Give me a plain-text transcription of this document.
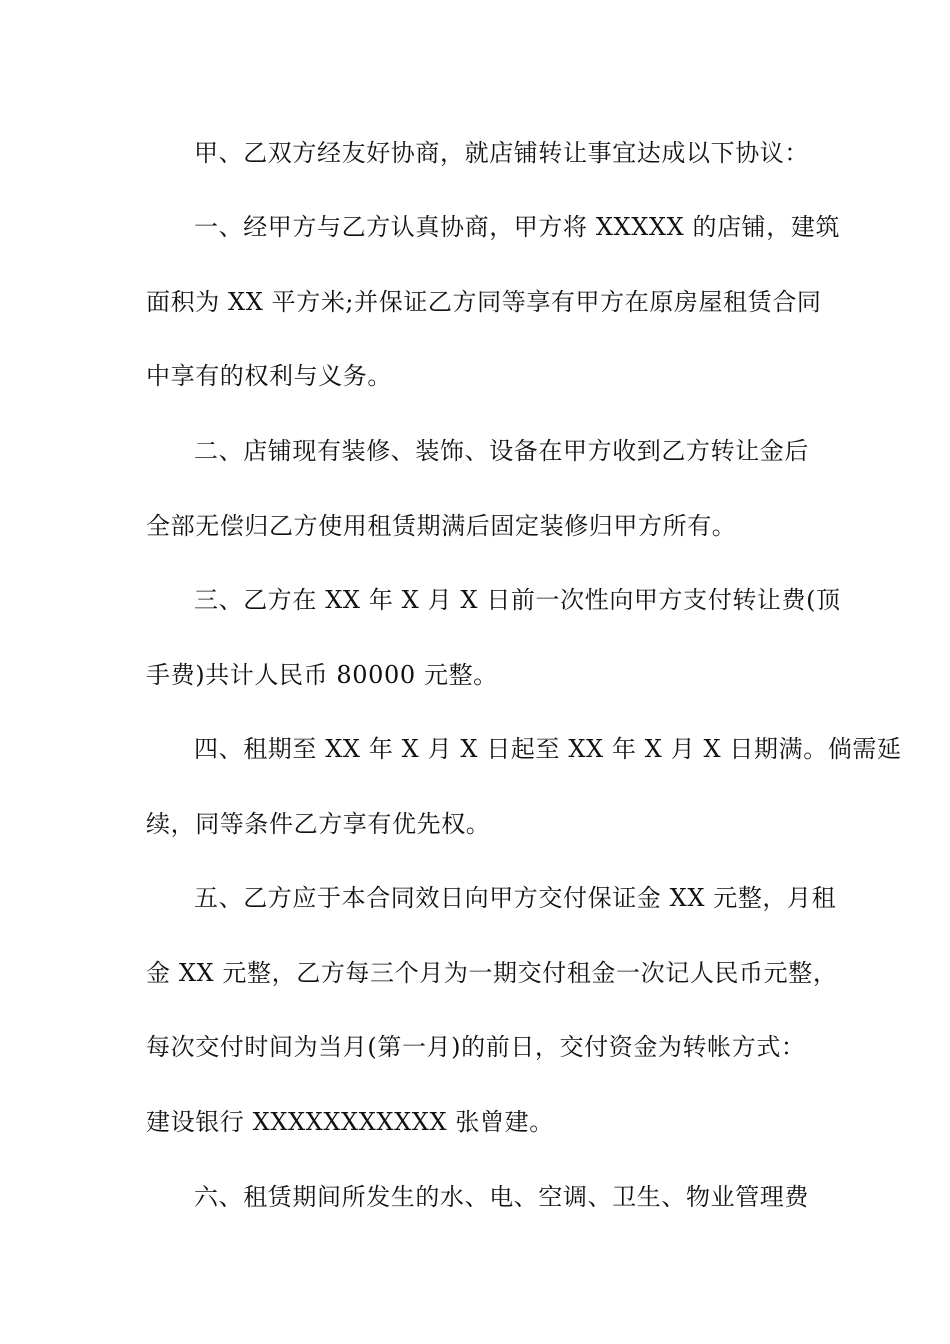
甲、乙双方经友好协商，就店铺转让事宜达成以下协议：
一、经甲方与乙方认真协商，甲方将 XXXXX 的店铺，建筑
面积为 XX 平方米;并保证乙方同等享有甲方在原房屋租赁合同
中享有的权利与义务。
二、店铺现有装修、装饰、设备在甲方收到乙方转让金后
全部无偿归乙方使用租赁期满后固定装修归甲方所有。
三、乙方在 XX 年 X 月 X 日前一次性向甲方支付转让费(顶
手费)共计人民币 80000 元整。
四、租期至 XX 年 X 月 X 日起至 XX 年 X 月 X 日期满。倘需延
续，同等条件乙方享有优先权。
五、乙方应于本合同效日向甲方交付保证金 XX 元整，月租
金 XX 元整，乙方每三个月为一期交付租金一次记人民币元整，
每次交付时间为当月(第一月)的前日，交付资金为转帐方式：
建设银行 XXXXXXXXXXX 张曾建。
六、租赁期间所发生的水、电、空调、卫生、物业管理费
